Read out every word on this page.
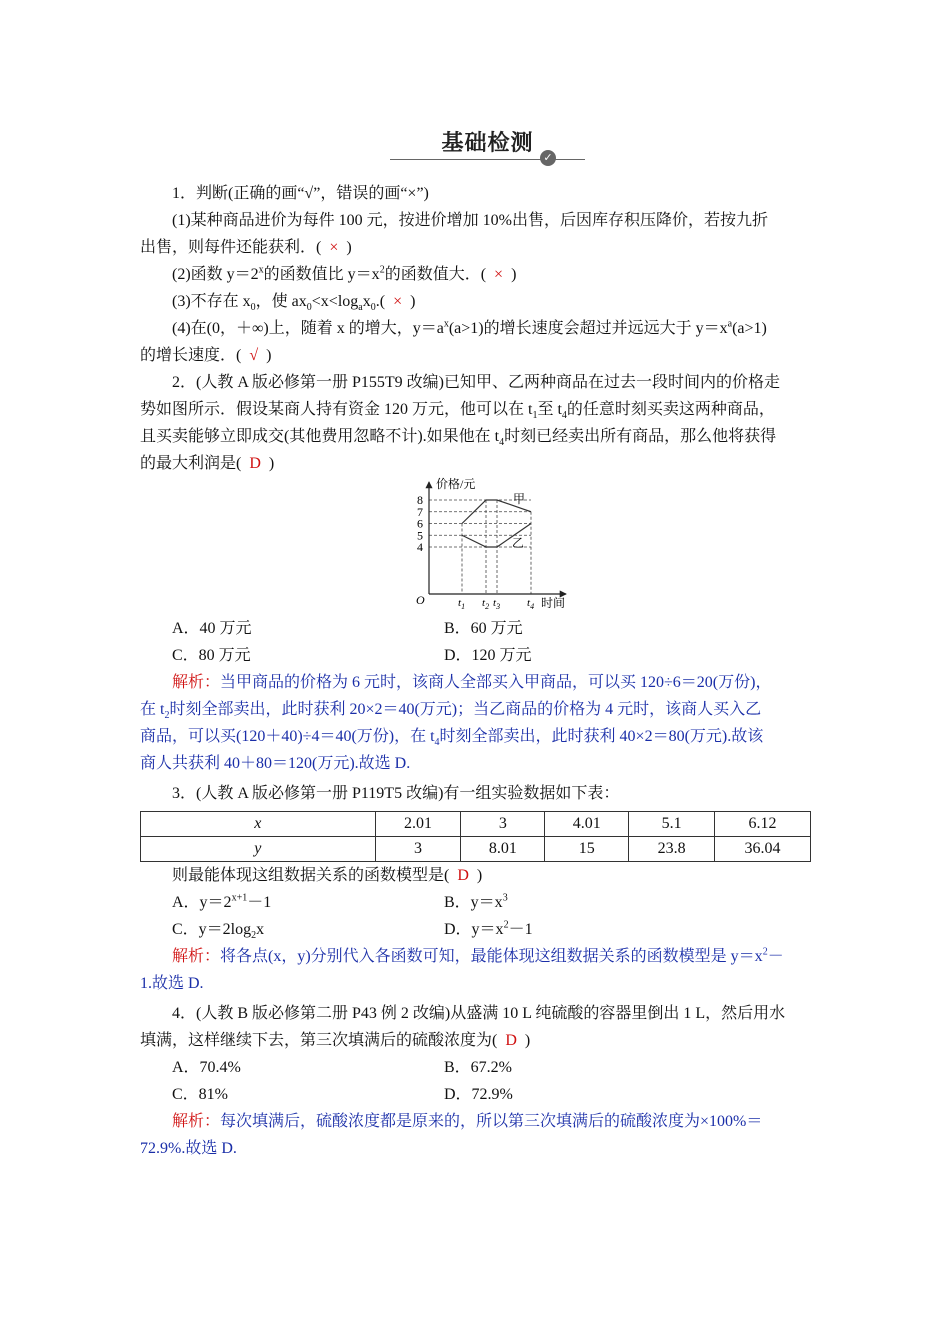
基础检测
✓
1．判断(正确的画“√”，错误的画“×”)
(1)某种商品进价为每件 100 元，按进价增加 10%出售，后因库存积压降价，若按九折
出售，则每件还能获利．( × )
(2)函数 $y=2^x$的函数值比 $y=x^2$的函数值大．( × )
(3)不存在 $x_0$，使 $ax_0<x<\log_ax_0$.( × )
(4)在(0，＋∞)上，随着 x 的增大，$y=a^x(a>1)$的增长速度会超过并远远大于 $y=x^a(a>1)$
的增长速度．( √ )
2．(人教 A 版必修第一册 P155T9 改编)已知甲、乙两种商品在过去一段时间内的价格走
势如图所示．假设某商人持有资金 120 万元，他可以在 $t_1$至 $t_4$的任意时刻买卖这两种商品，
且买卖能够立即成交(其他费用忽略不计).如果他在 $t_4$时刻已经卖出所有商品，那么他将获得
的最大利润是( D )
价格/元
时间
O
4
5
6
7
8
$t_1$ $t_2$ $t_3$ $t_4$
甲
乙
A．40 万元	B．60 万元
C．80 万元	D．120 万元
解析：当甲商品的价格为 6 元时，该商人全部买入甲商品，可以买 120÷6＝20(万份)，
在 $t_2$时刻全部卖出，此时获利 20×2＝40(万元)；当乙商品的价格为 4 元时，该商人买入乙
商品，可以买(120＋40)÷4＝40(万份)，在 $t_4$时刻全部卖出，此时获利 40×2＝80(万元).故该
商人共获利 40＋80＝120(万元).故选 D.
3．(人教 A 版必修第一册 P119T5 改编)有一组实验数据如下表：
x	2.01	3	4.01	5.1	6.12
y	3	8.01	15	23.8	36.04
则最能体现这组数据关系的函数模型是( D )
A．$y=2^{x+1}-1$	B．$y=x^3$
C．$y=2\log_2x$	D．$y=x^2-1$
解析：将各点(x，y)分别代入各函数可知，最能体现这组数据关系的函数模型是 $y=x^2-$
1.故选 D.
4．(人教 B 版必修第二册 P43 例 2 改编)从盛满 10 L 纯硫酸的容器里倒出 1 L，然后用水
填满，这样继续下去，第三次填满后的硫酸浓度为( D )
A．70.4%	B．67.2%
C．81%	D．72.9%
解析：每次填满后，硫酸浓度都是原来的，所以第三次填满后的硫酸浓度为×100%＝
72.9%.故选 D.
